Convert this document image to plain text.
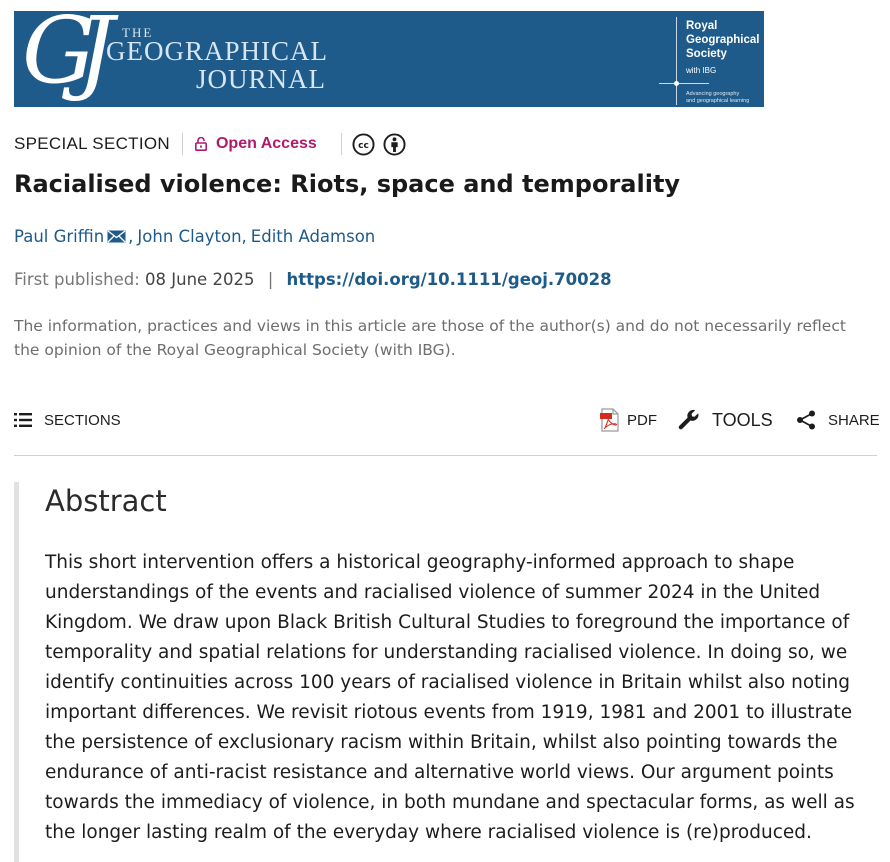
GJ THE
GEOGRAPHICAL
JOURNAL
Royal
Geographical
Society
with IBG
Advancing geography
and geographical learning
SPECIAL SECTION	Open Access	cc
Racialised violence: Riots, space and temporality
Paul Griffin , John Clayton , Edith Adamson
First published: 08 June 2025 | https://doi.org/10.1111/geoj.70028
The information, practices and views in this article are those of the author(s) and do not necessarily reflect the opinion of the Royal Geographical Society (with IBG).
SECTIONS	PDF	TOOLS	SHARE
Abstract

This short intervention offers a historical geography-informed approach to shape understandings of the events and racialised violence of summer 2024 in the United Kingdom. We draw upon Black British Cultural Studies to foreground the importance of temporality and spatial relations for understanding racialised violence. In doing so, we identify continuities across 100 years of racialised violence in Britain whilst also noting important differences. We revisit riotous events from 1919, 1981 and 2001 to illustrate the persistence of exclusionary racism within Britain, whilst also pointing towards the endurance of anti-racist resistance and alternative world views. Our argument points towards the immediacy of violence, in both mundane and spectacular forms, as well as the longer lasting realm of the everyday where racialised violence is (re)produced.
